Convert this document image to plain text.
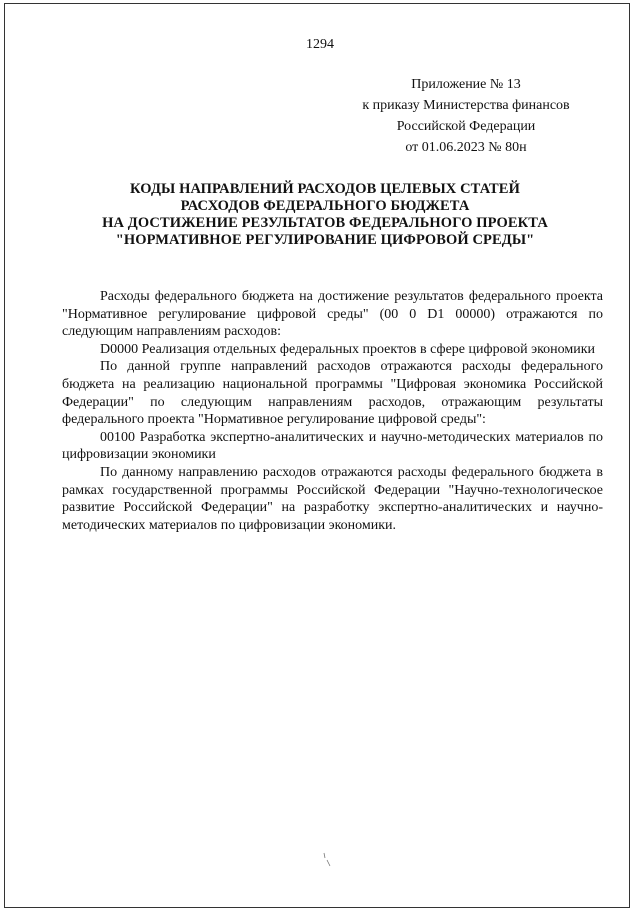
1294
Приложение № 13
к приказу Министерства финансов
Российской Федерации
от 01.06.2023 № 80н
КОДЫ НАПРАВЛЕНИЙ РАСХОДОВ ЦЕЛЕВЫХ СТАТЕЙ
РАСХОДОВ ФЕДЕРАЛЬНОГО БЮДЖЕТА
НА ДОСТИЖЕНИЕ РЕЗУЛЬТАТОВ ФЕДЕРАЛЬНОГО ПРОЕКТА
"НОРМАТИВНОЕ РЕГУЛИРОВАНИЕ ЦИФРОВОЙ СРЕДЫ"

Расходы федерального бюджета на достижение результатов федерального проекта "Нормативное регулирование цифровой среды" (00 0 D1 00000) отражаются по следующим направлениям расходов:

D0000 Реализация отдельных федеральных проектов в сфере цифровой экономики

По данной группе направлений расходов отражаются расходы федерального бюджета на реализацию национальной программы "Цифровая экономика Российской Федерации" по следующим направлениям расходов, отражающим результаты федерального проекта "Нормативное регулирование цифровой среды":

00100 Разработка экспертно-аналитических и научно-методических материалов по цифровизации экономики

По данному направлению расходов отражаются расходы федерального бюджета в рамках государственной программы Российской Федерации "Научно-технологическое развитие Российской Федерации" на разработку экспертно-аналитических и научно-методических материалов по цифровизации экономики.
